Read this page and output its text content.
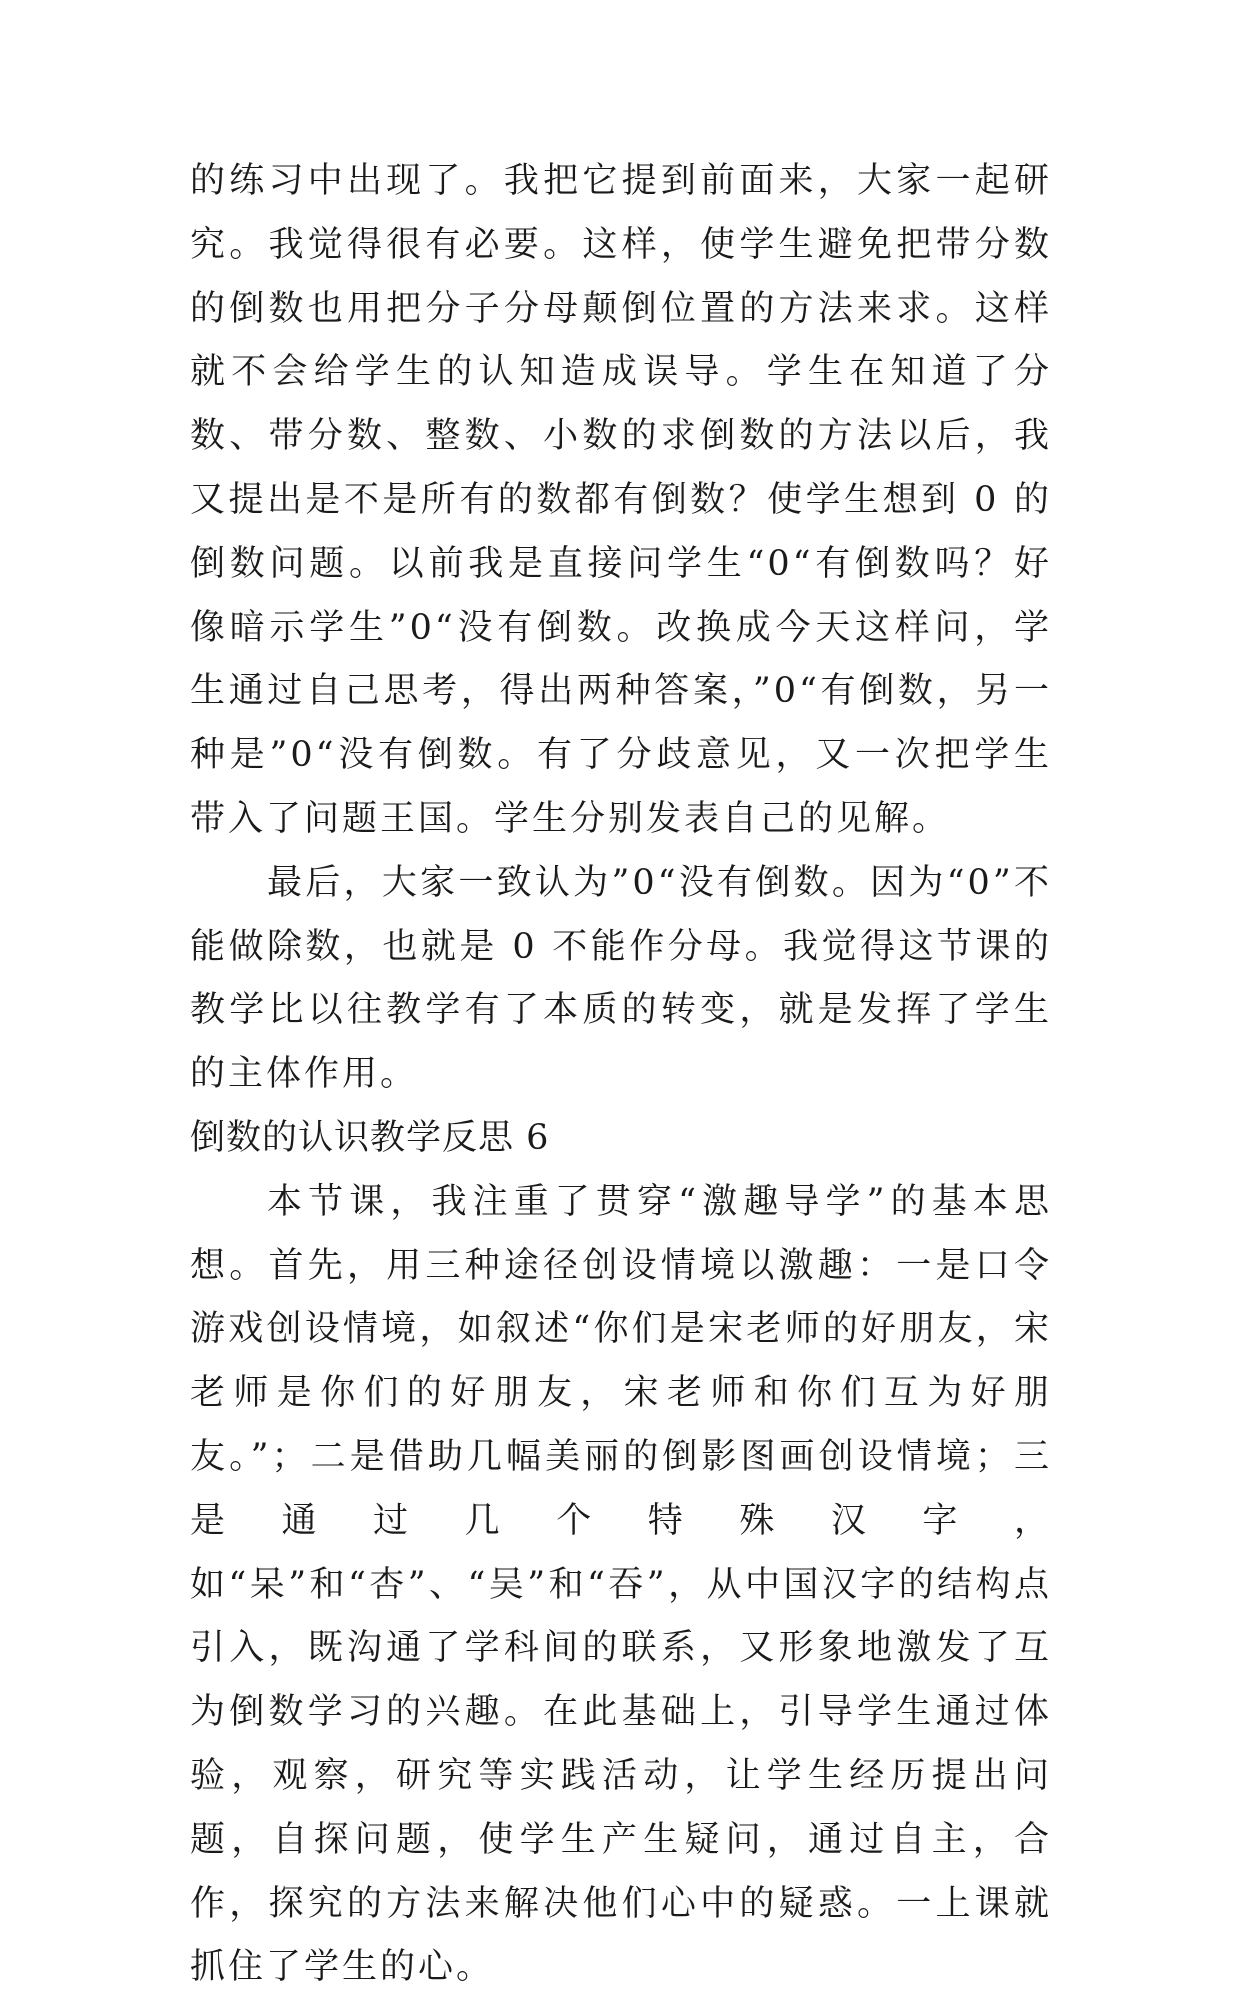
的练习中出现了。我把它提到前面来，大家一起研究。我觉得很有必要。这样，使学生避免把带分数的倒数也用把分子分母颠倒位置的方法来求。这样就不会给学生的认知造成误导。学生在知道了分数、带分数、整数、小数的求倒数的方法以后，我又提出是不是所有的数都有倒数？使学生想到 0 的倒数问题。以前我是直接问学生“0“有倒数吗？好像暗示学生”0“没有倒数。改换成今天这样问，学生通过自己思考，得出两种答案，”0“有倒数，另一种是”0“没有倒数。有了分歧意见，又一次把学生带入了问题王国。学生分别发表自己的见解。

最后，大家一致认为”0“没有倒数。因为“0”不能做除数，也就是 0 不能作分母。我觉得这节课的教学比以往教学有了本质的转变，就是发挥了学生的主体作用。

倒数的认识教学反思 6

本节课，我注重了贯穿“激趣导学”的基本思想。首先，用三种途径创设情境以激趣：一是口令游戏创设情境，如叙述“你们是宋老师的好朋友，宋老师是你们的好朋友，宋老师和你们互为好朋友。”；二是借助几幅美丽的倒影图画创设情境；三是通过几个特殊汉字，如“呆”和“杏”、“吴”和“吞”，从中国汉字的结构点引入，既沟通了学科间的联系，又形象地激发了互为倒数学习的兴趣。在此基础上，引导学生通过体验，观察，研究等实践活动，让学生经历提出问题，自探问题，使学生产生疑问，通过自主，合作，探究的方法来解决他们心中的疑惑。一上课就抓住了学生的心。
